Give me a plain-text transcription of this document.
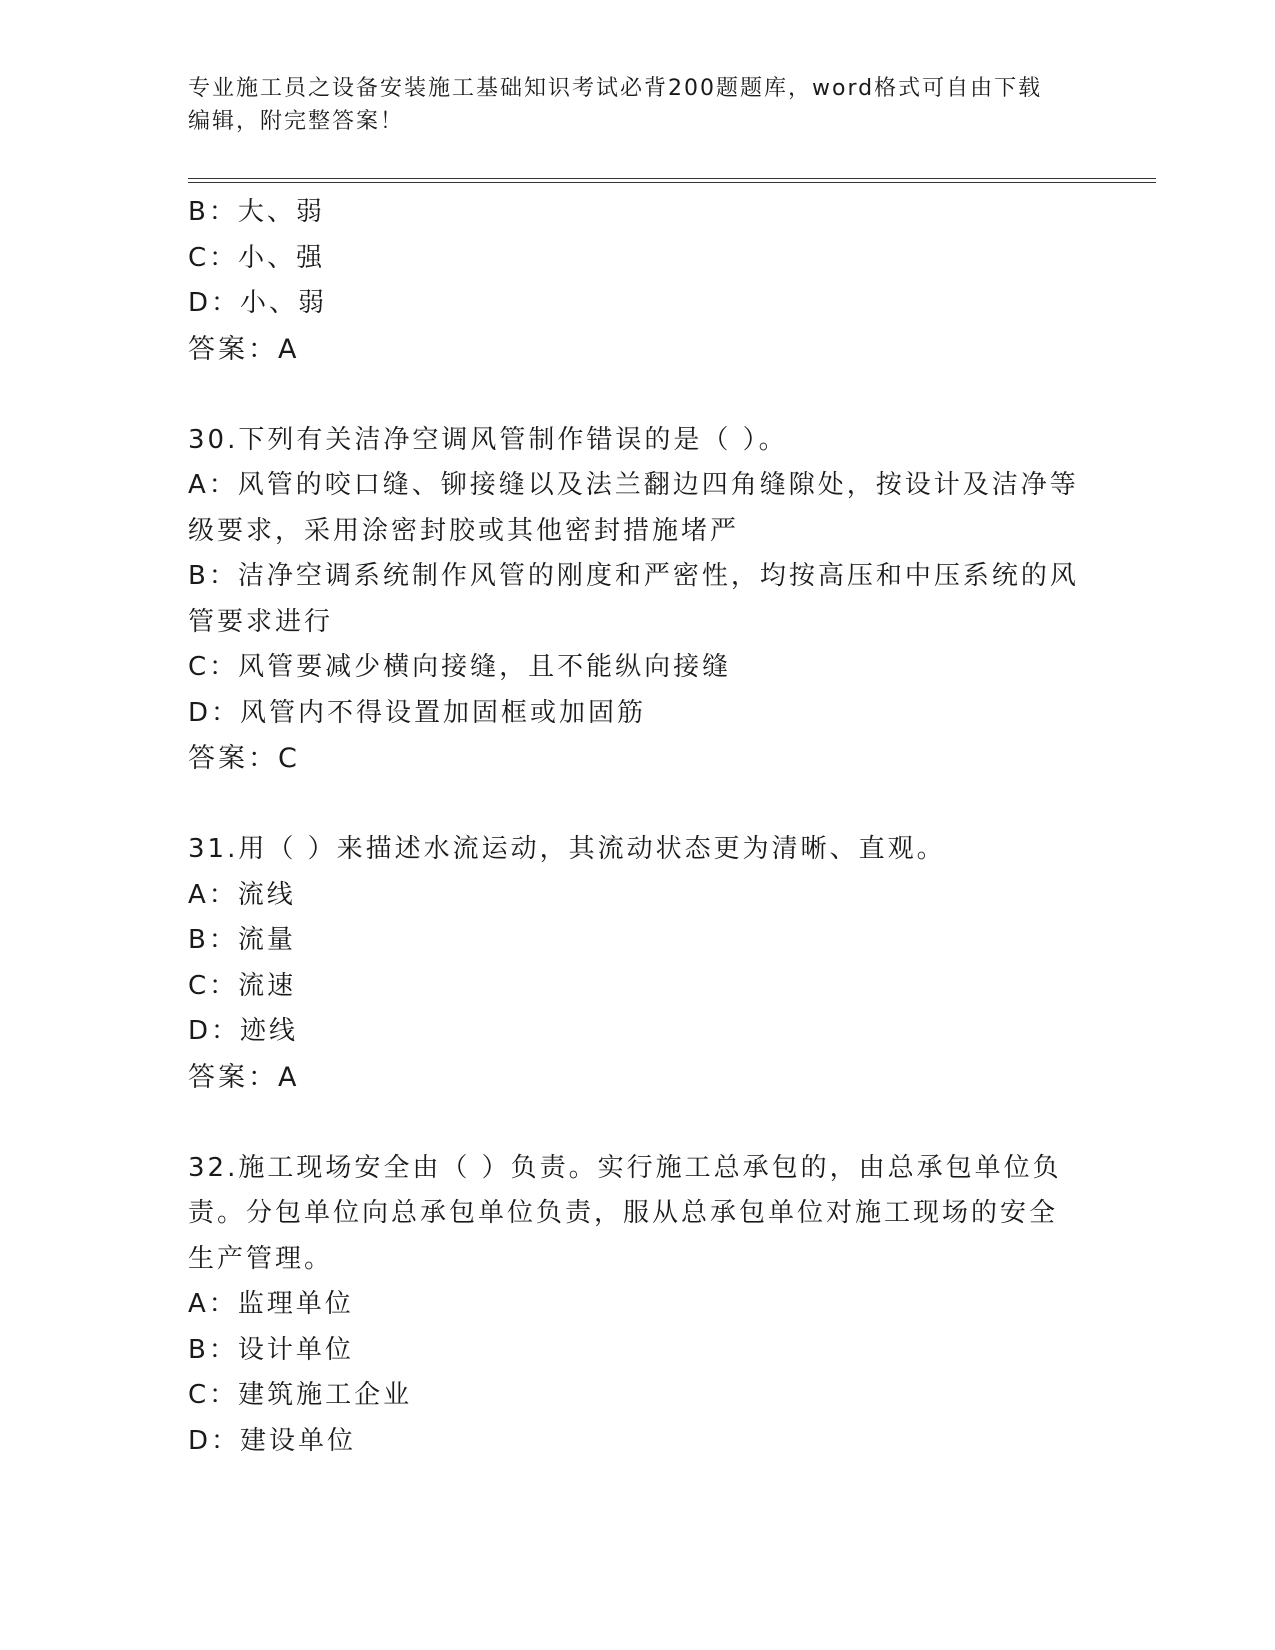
专业施工员之设备安装施工基础知识考试必背200题题库，word格式可自由下载
编辑，附完整答案！

B：大、弱

C：小、强

D：小、弱

答案：A

30.下列有关洁净空调风管制作错误的是（ ）。

A：风管的咬口缝、铆接缝以及法兰翻边四角缝隙处，按设计及洁净等

级要求，采用涂密封胶或其他密封措施堵严

B：洁净空调系统制作风管的刚度和严密性，均按高压和中压系统的风

管要求进行

C：风管要减少横向接缝，且不能纵向接缝

D：风管内不得设置加固框或加固筋

答案：C

31.用（ ）来描述水流运动，其流动状态更为清晰、直观。

A：流线

B：流量

C：流速

D：迹线

答案：A

32.施工现场安全由（ ）负责。实行施工总承包的，由总承包单位负

责。分包单位向总承包单位负责，服从总承包单位对施工现场的安全

生产管理。

A：监理单位

B：设计单位

C：建筑施工企业

D：建设单位
